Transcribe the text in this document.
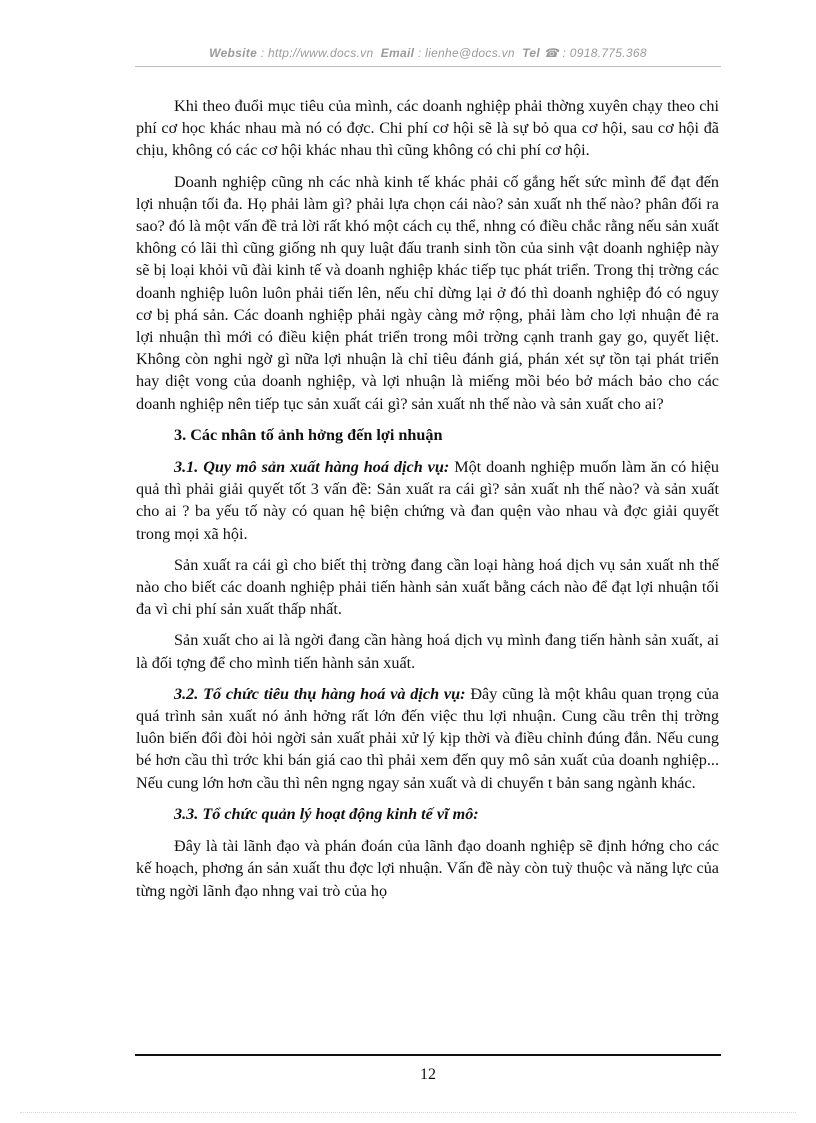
Website : http://www.docs.vn Email : lienhe@docs.vn Tel ☎ : 0918.775.368

Khi theo đuổi mục tiêu của mình, các doanh nghiệp phải thờng xuyên chạy theo chi phí cơ học khác nhau mà nó có đợc. Chi phí cơ hội sẽ là sự bỏ qua cơ hội, sau cơ hội đã chịu, không có các cơ hội khác nhau thì cũng không có chi phí cơ hội.

Doanh nghiệp cũng nh các nhà kinh tế khác phải cố gắng hết sức mình để đạt đến lợi nhuận tối đa. Họ phải làm gì? phải lựa chọn cái nào? sản xuất nh thế nào? phân đối ra sao? đó là một vấn đề trả lời rất khó một cách cụ thể, nhng có điều chắc rằng nếu sản xuất không có lãi thì cũng giống nh quy luật đấu tranh sinh tồn của sinh vật doanh nghiệp này sẽ bị loại khỏi vũ đài kinh tế và doanh nghiệp khác tiếp tục phát triển. Trong thị trờng các doanh nghiệp luôn luôn phải tiến lên, nếu chỉ dừng lại ở đó thì doanh nghiệp đó có nguy cơ bị phá sản. Các doanh nghiệp phải ngày càng mở rộng, phải làm cho lợi nhuận đẻ ra lợi nhuận thì mới có điều kiện phát triển trong môi trờng cạnh tranh gay go, quyết liệt. Không còn nghi ngờ gì nữa lợi nhuận là chỉ tiêu đánh giá, phán xét sự tồn tại phát triển hay diệt vong của doanh nghiệp, và lợi nhuận là miếng mồi béo bở mách bảo cho các doanh nghiệp nên tiếp tục sản xuất cái gì? sản xuất nh thế nào và sản xuất cho ai?

3. Các nhân tố ảnh hởng đến lợi nhuận

3.1. Quy mô sản xuất hàng hoá dịch vụ: Một doanh nghiệp muốn làm ăn có hiệu quả thì phải giải quyết tốt 3 vấn đề: Sản xuất ra cái gì? sản xuất nh thế nào? và sản xuất cho ai ? ba yếu tố này có quan hệ biện chứng và đan quện vào nhau và đợc giải quyết trong mọi xã hội.

Sản xuất ra cái gì cho biết thị trờng đang cần loại hàng hoá dịch vụ sản xuất nh thế nào cho biết các doanh nghiệp phải tiến hành sản xuất bằng cách nào để đạt lợi nhuận tối đa vì chi phí sản xuất thấp nhất.

Sản xuất cho ai là ngời đang cần hàng hoá dịch vụ mình đang tiến hành sản xuất, ai là đối tợng để cho mình tiến hành sản xuất.

3.2. Tổ chức tiêu thụ hàng hoá và dịch vụ: Đây cũng là một khâu quan trọng của quá trình sản xuất nó ảnh hởng rất lớn đến việc thu lợi nhuận. Cung cầu trên thị trờng luôn biến đổi đòi hỏi ngời sản xuất phải xử lý kịp thời và điều chỉnh đúng đắn. Nếu cung bé hơn cầu thì trớc khi bán giá cao thì phải xem đến quy mô sản xuất của doanh nghiệp... Nếu cung lớn hơn cầu thì nên ngng ngay sản xuất và di chuyển t bản sang ngành khác.

3.3. Tổ chức quản lý hoạt động kinh tế vĩ mô:

Đây là tài lãnh đạo và phán đoán của lãnh đạo doanh nghiệp sẽ định hớng cho các kế hoạch, phơng án sản xuất thu đợc lợi nhuận. Vấn đề này còn tuỳ thuộc và năng lực của từng ngời lãnh đạo nhng vai trò của họ

12
